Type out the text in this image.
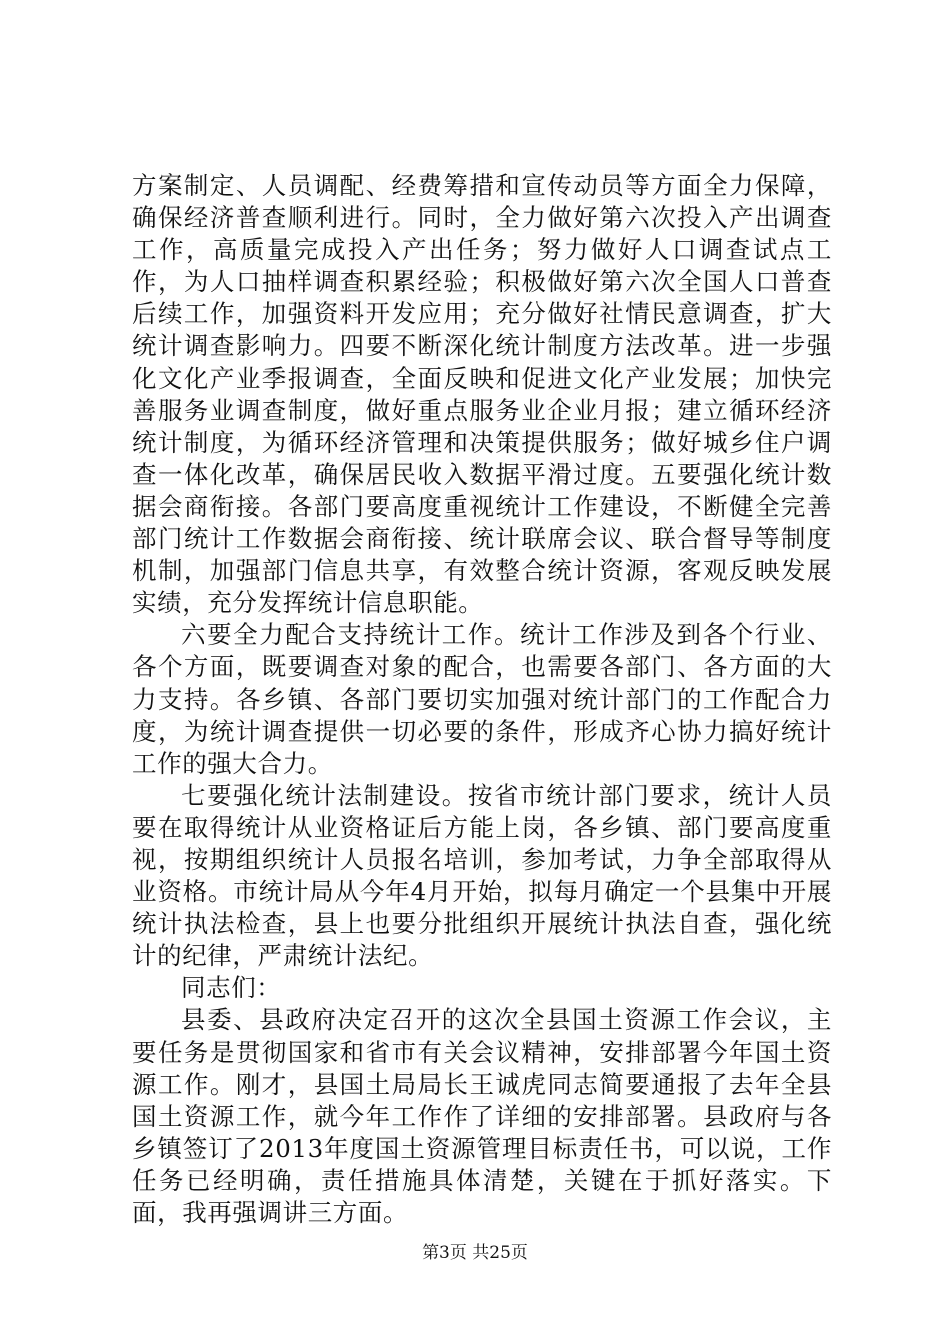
方案制定、人员调配、经费筹措和宣传动员等方面全力保障，确保经济普查顺利进行。同时，全力做好第六次投入产出调查工作，高质量完成投入产出任务；努力做好人口调查试点工作，为人口抽样调查积累经验；积极做好第六次全国人口普查后续工作，加强资料开发应用；充分做好社情民意调查，扩大统计调查影响力。四要不断深化统计制度方法改革。进一步强化文化产业季报调查，全面反映和促进文化产业发展；加快完善服务业调查制度，做好重点服务业企业月报；建立循环经济统计制度，为循环经济管理和决策提供服务；做好城乡住户调查一体化改革，确保居民收入数据平滑过度。五要强化统计数据会商衔接。各部门要高度重视统计工作建设，不断健全完善部门统计工作数据会商衔接、统计联席会议、联合督导等制度机制，加强部门信息共享，有效整合统计资源，客观反映发展实绩，充分发挥统计信息职能。

六要全力配合支持统计工作。统计工作涉及到各个行业、各个方面，既要调查对象的配合，也需要各部门、各方面的大力支持。各乡镇、各部门要切实加强对统计部门的工作配合力度，为统计调查提供一切必要的条件，形成齐心协力搞好统计工作的强大合力。

七要强化统计法制建设。按省市统计部门要求，统计人员要在取得统计从业资格证后方能上岗，各乡镇、部门要高度重视，按期组织统计人员报名培训，参加考试，力争全部取得从业资格。市统计局从今年4月开始，拟每月确定一个县集中开展统计执法检查，县上也要分批组织开展统计执法自查，强化统计的纪律，严肃统计法纪。

同志们：

县委、县政府决定召开的这次全县国土资源工作会议，主要任务是贯彻国家和省市有关会议精神，安排部署今年国土资源工作。刚才，县国土局局长王诚虎同志简要通报了去年全县国土资源工作，就今年工作作了详细的安排部署。县政府与各乡镇签订了2013年度国土资源管理目标责任书，可以说，工作任务已经明确，责任措施具体清楚，关键在于抓好落实。下面，我再强调讲三方面。

第3页 共25页
